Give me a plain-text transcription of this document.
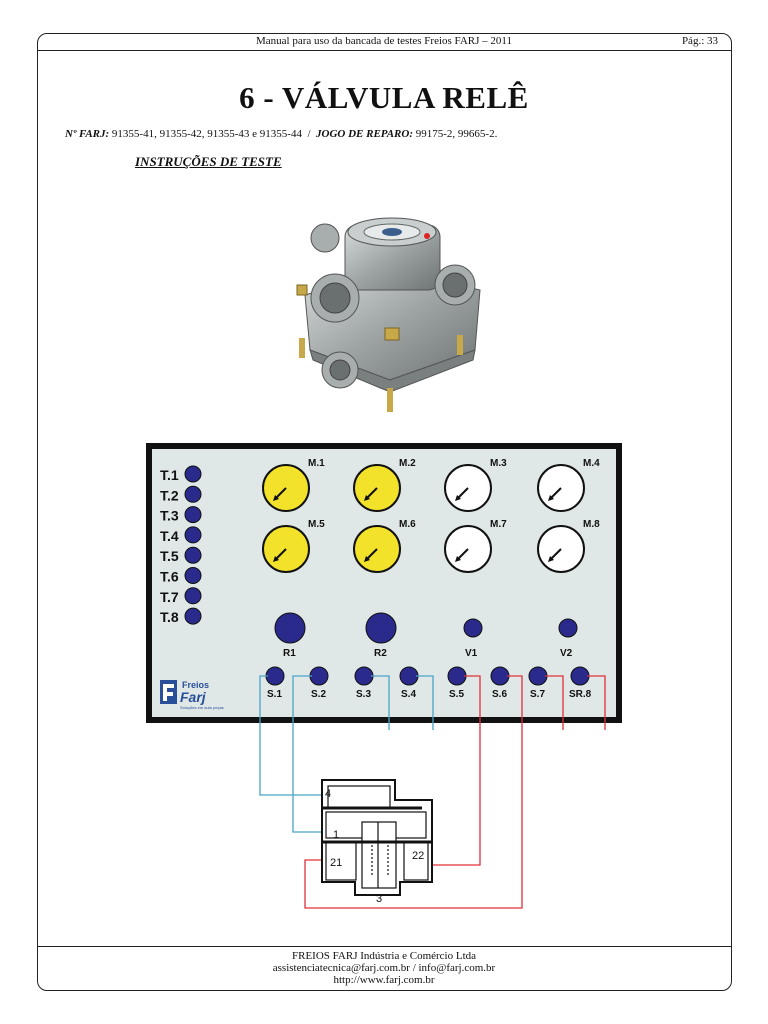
Manual para uso da bancada de testes Freios FARJ – 2011	Pág.: 33
6 - VÁLVULA RELÊ
Nº FARJ: 91355-41, 91355-42, 91355-43 e 91355-44  /  JOGO DE REPARO: 99175-2, 99665-2.
INSTRUÇÕES DE TESTE
T.1
T.2
T.3
T.4
T.5
T.6
T.7
T.8
M.1	M.2	M.3	M.4
M.5	M.6	M.7	M.8
R1	R2	V1	V2
S.1	S.2	S.3	S.4	S.5	S.6 S.7 SR.8
Freios
Farj
Soluções em auto peças
4
1
21
22
3
FREIOS FARJ Indústria e Comércio Ltda
assistenciatecnica@farj.com.br / info@farj.com.br
http://www.farj.com.br
